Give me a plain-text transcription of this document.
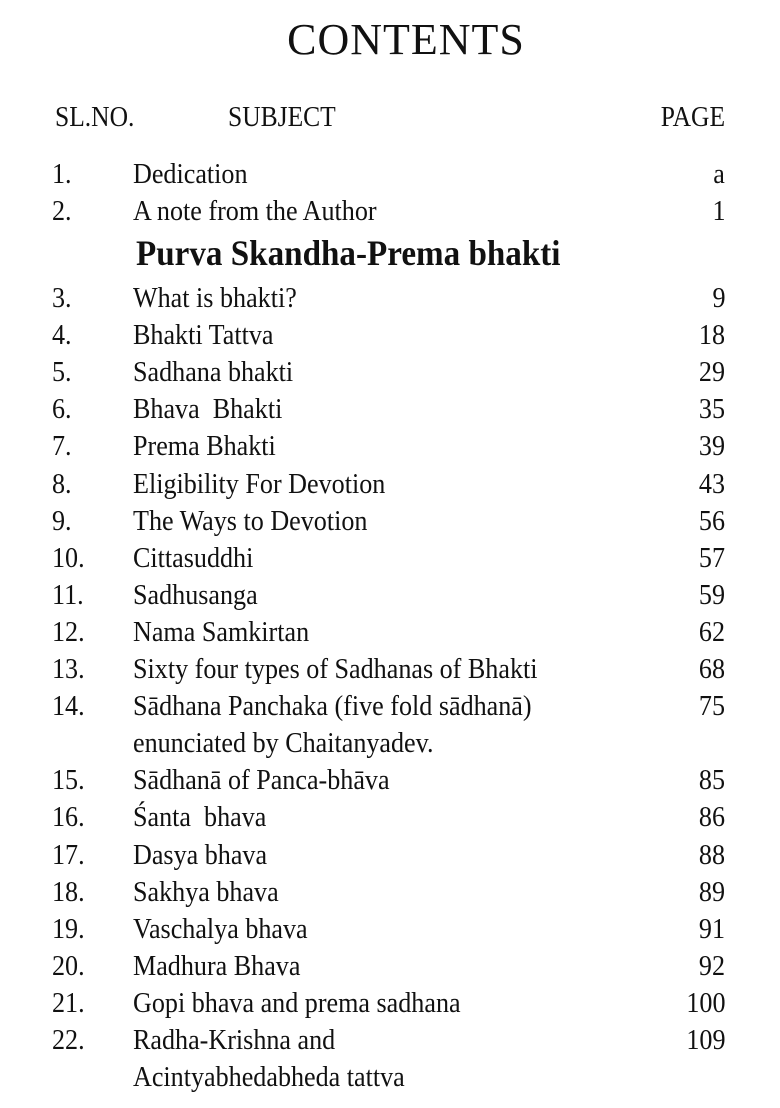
CONTENTS
SL.NO.	SUBJECT	PAGE
1. Dedication	a
2. A note from the Author	1
Purva Skandha-Prema bhakti
3. What is bhakti?	9
4. Bhakti Tattva	18
5. Sadhana bhakti	29
6. Bhava  Bhakti	35
7. Prema Bhakti	39
8. Eligibility For Devotion	43
9. The Ways to Devotion	56
10. Cittasuddhi	57
11. Sadhusanga	59
12. Nama Samkirtan	62
13. Sixty four types of Sadhanas of Bhakti	68
14. Sādhana Panchaka (five fold sādhanā)	75
enunciated by Chaitanyadev.
15. Sādhanā of Panca-bhāva	85
16. Śanta  bhava	86
17. Dasya bhava	88
18. Sakhya bhava	89
19. Vaschalya bhava	91
20. Madhura Bhava	92
21. Gopi bhava and prema sadhana	100
22. Radha-Krishna and	109
Acintyabhedabheda tattva
